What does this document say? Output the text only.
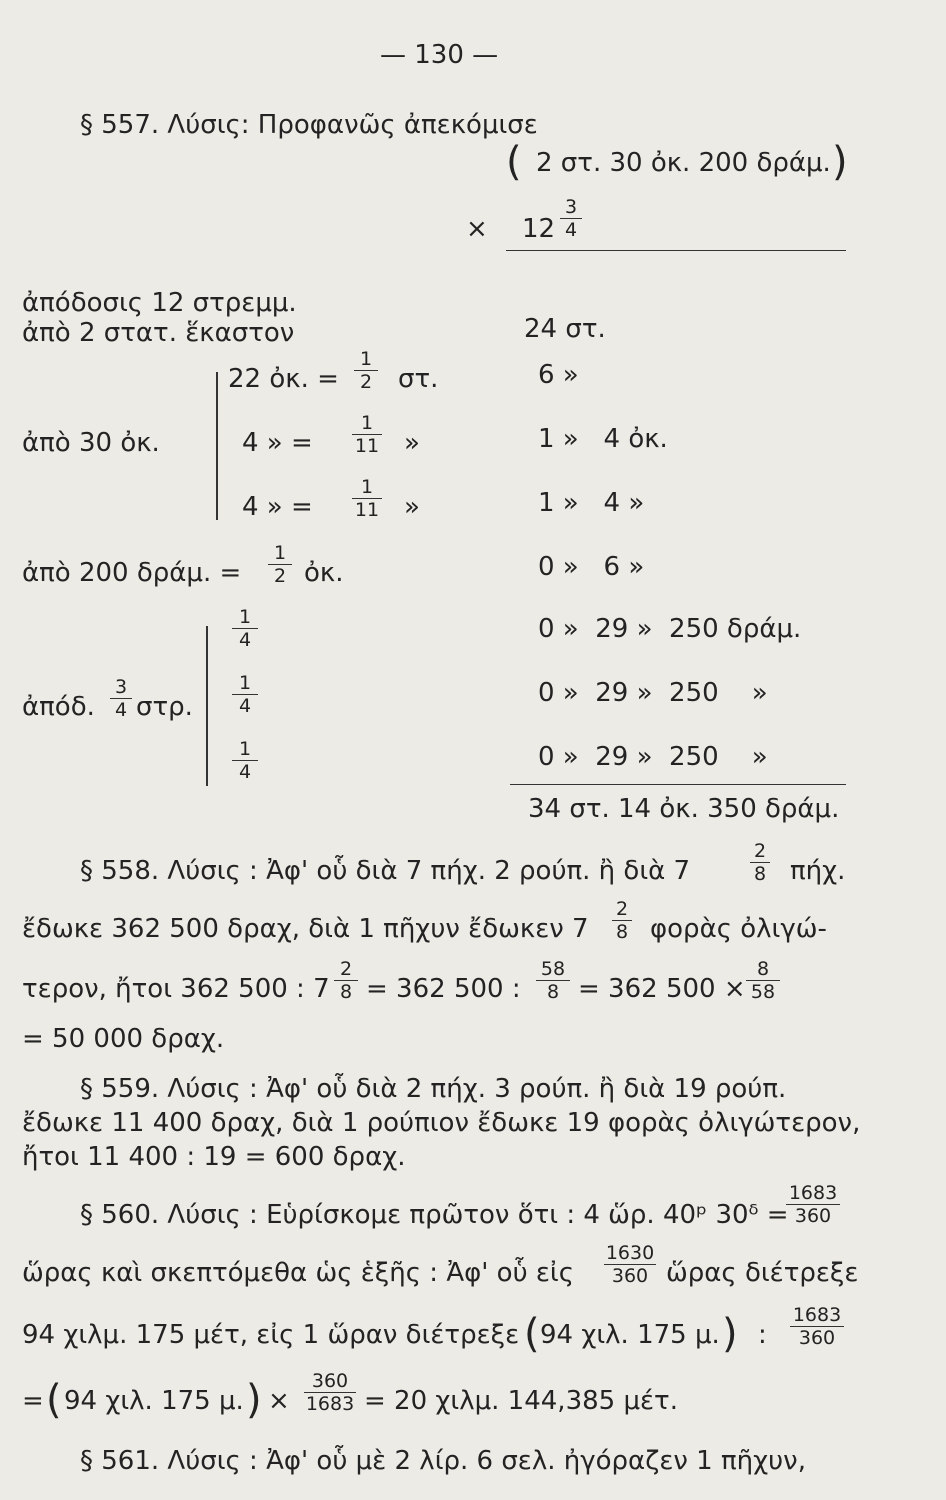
— 130 —
§ 557. Λύσις: Προφανῶς ἀπεκόμισε
( 2 στ. 30 ὀκ. 200 δράμ. )
× $12 \frac{3}{4}$
ἀπόδοσις 12 στρεμμ.
ἀπὸ 2 στατ. ἕκαστον
22 ὀκ. = $\frac{1}{2} \sigma\tau$.
ἀπὸ 30 ὀκ.	4 » = $\frac{1}{11}$ »
4 » = $\frac{1}{11}$ »
ἀπὸ 200 δράμ. = $\frac{1}{2}$ ὀκ.
$\frac{1}{4}$
ἀπόδ. $\frac{3}{4} \sigma\tau\rho$. $\frac{1}{4}$
$\frac{1}{4}$
24 στ.
6 »
1 »   4 ὀκ.
1 »   4 »
0 »   6 »
0 »  29 »  250 δράμ.
0 »  29 »  250    »
0 »  29 »  250    »
34 στ. 14 ὀκ. 350 δράμ.
§ 558. Λύσις : Ἀφ' οὗ διὰ 7 πήχ. 2 ρούπ. ἢ διὰ 7	$\frac{2}{8} \pi ή\chi$.
ἔδωκε 362 500 δραχ, διὰ 1 πῆχυν ἔδωκεν $7 \frac{2}{8}$ φορὰς ὀλιγώ-
τερον, ἤτοι 362 500 : $7 \frac{2}{8} = 362$ 500 : $\frac{58}{8} = 362$ $500 \times \frac{8}{58}$
= 50 000 δραχ.
§ 559. Λύσις : Ἀφ' οὗ διὰ 2 πήχ. 3 ρούπ. ἢ διὰ 19 ρούπ.
ἔδωκε 11 400 δραχ, διὰ 1 ρούπιον ἔδωκε 19 φορὰς ὀλιγώτερον,
ἤτοι 11 400 : 19 = 600 δραχ.
§ 560. Λύσις : Εὑρίσκομε πρῶτον ὅτι : 4 ὥρ. 40ᵖ 30ᵟ =
$\frac{1683}{360}$
ὥρας καὶ σκεπτόμεθα ὡς ἑξῆς : Ἀφ' οὗ εἰς $\frac{1630}{360}$ ὥρας διέτρεξε
94 χιλμ. 175 μέτ, εἰς 1 ὥραν διέτρεξε ( 94 χιλ. 175 μ. ) : $\frac{1683}{360}$
= ( 94 χιλ. 175 μ. ) × $\frac{360}{1683} = 20$ χιλμ. 144,385 μέτ.
§ 561. Λύσις : Ἀφ' οὗ μὲ 2 λίρ. 6 σελ. ἠγόραζεν 1 πῆχυν,
